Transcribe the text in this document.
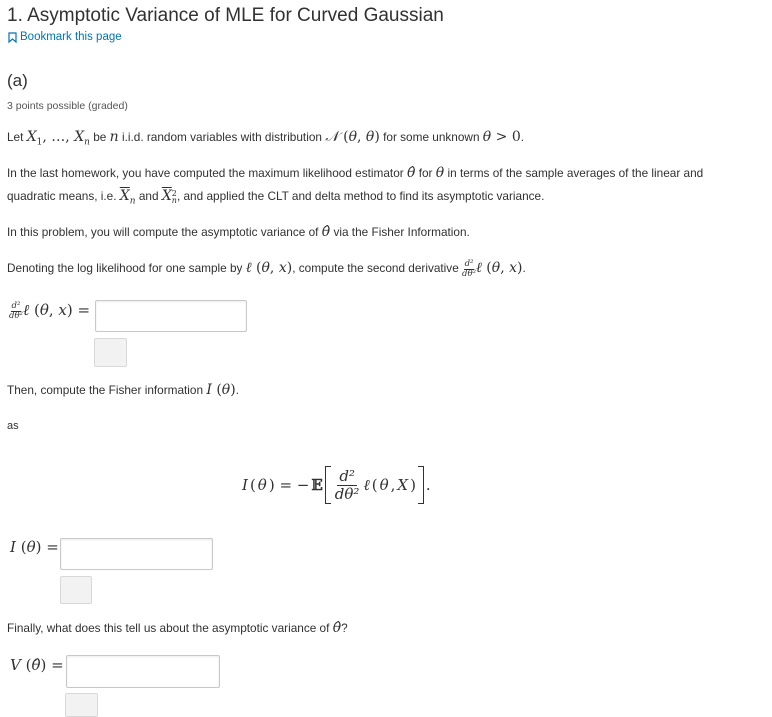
1. Asymptotic Variance of MLE for Curved Gaussian
Bookmark this page
(a)
3 points possible (graded)
Let $X_1$, …, $X_n$ be n i.i.d. random variables with distribution 𝒩 (θ, θ) for some unknown θ > 0.
In the last homework, you have computed the maximum likelihood estimator θ̂ for θ in terms of the sample averages of the linear and
quadratic means, i.e. $\overline{X}_n$ and $\overline{X}$ 2
n , and applied the CLT and delta method to find its asymptotic variance.
In this problem, you will compute the asymptotic variance of θ̂ via the Fisher Information.
Denoting the log likelihood for one sample by ℓ (θ, x), compute the second derivative $\frac{\text{d²}}{\text{dθ²}}$ ℓ (θ, x).
$\frac{\text{d²}}{\text{dθ²}}$ ℓ (θ, x) =
Then, compute the Fisher information I (θ).
as
I ( θ ) = − 𝔼 $\frac{\text{d²}}{\text{dθ²}}$ ℓ ( θ , X ) .
I (θ) =
Finally, what does this tell us about the asymptotic variance of θ̂?
V (θ̂) =
